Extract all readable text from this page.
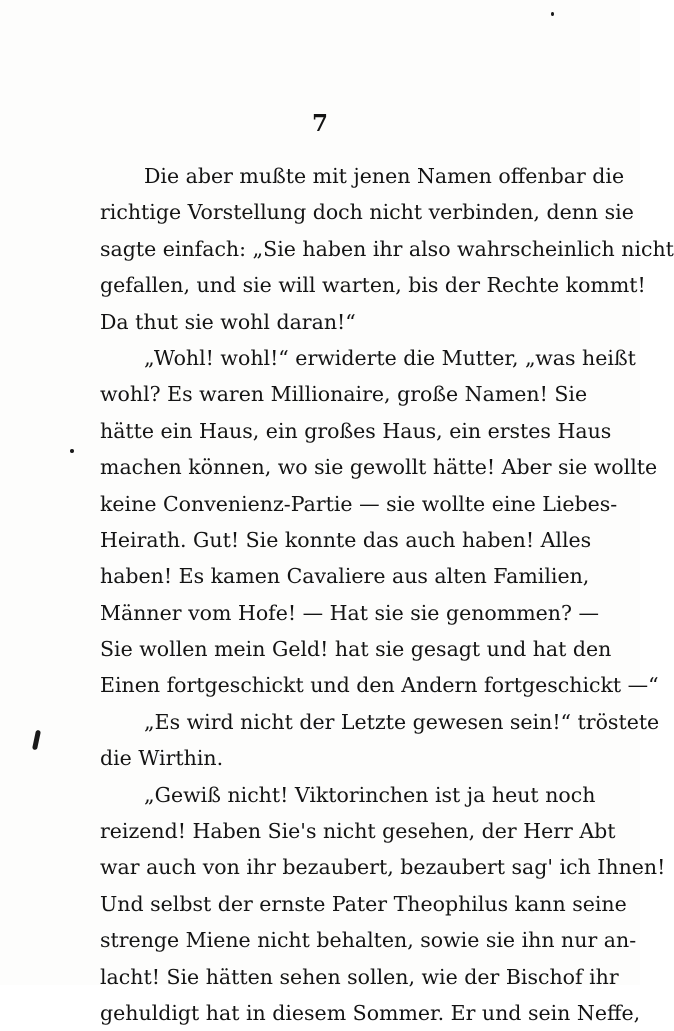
7
Die aber mußte mit jenen Namen offenbar die
richtige Vorstellung doch nicht verbinden, denn sie
sagte einfach: „Sie haben ihr also wahrscheinlich nicht
gefallen, und sie will warten, bis der Rechte kommt!
Da thut sie wohl daran!“
„Wohl! wohl!“ erwiderte die Mutter, „was heißt
wohl? Es waren Millionaire, große Namen! Sie
hätte ein Haus, ein großes Haus, ein erstes Haus
machen können, wo sie gewollt hätte! Aber sie wollte
keine Convenienz-Partie — sie wollte eine Liebes-
Heirath. Gut! Sie konnte das auch haben! Alles
haben! Es kamen Cavaliere aus alten Familien,
Männer vom Hofe! — Hat sie sie genommen? —
Sie wollen mein Geld! hat sie gesagt und hat den
Einen fortgeschickt und den Andern fortgeschickt —“
„Es wird nicht der Letzte gewesen sein!“ tröstete
die Wirthin.
„Gewiß nicht! Viktorinchen ist ja heut noch
reizend! Haben Sie's nicht gesehen, der Herr Abt
war auch von ihr bezaubert, bezaubert sag' ich Ihnen!
Und selbst der ernste Pater Theophilus kann seine
strenge Miene nicht behalten, sowie sie ihn nur an-
lacht! Sie hätten sehen sollen, wie der Bischof ihr
gehuldigt hat in diesem Sommer. Er und sein Neffe,
